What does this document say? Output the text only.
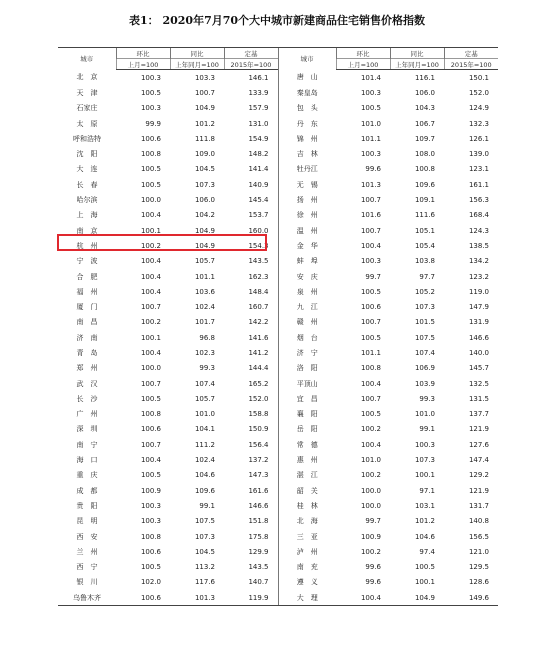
表1： 2020年7月70个大中城市新建商品住宅销售价格指数
城市	环比	同比	定基	城市	环比	同比	定基
	上月=100	上年同月=100	2015年=100		上月=100	上年同月=100	2015年=100
北　京	100.3	103.3	146.1	唐　山	101.4	116.1	150.1
天　津	100.5	100.7	133.9	秦皇岛	100.3	106.0	152.0
石家庄	100.3	104.9	157.9	包　头	100.5	104.3	124.9
太　原	99.9	101.2	131.0	丹　东	101.0	106.7	132.3
呼和浩特	100.6	111.8	154.9	锦　州	101.1	109.7	126.1
沈　阳	100.8	109.0	148.2	吉　林	100.3	108.0	139.0
大　连	100.5	104.5	141.4	牡丹江	99.6	100.8	123.1
长　春	100.5	107.3	140.9	无　锡	101.3	109.6	161.1
哈尔滨	100.0	106.0	145.4	扬　州	100.7	109.1	156.3
上　海	100.4	104.2	153.7	徐　州	101.6	111.6	168.4
南　京	100.1	104.9	160.0	温　州	100.7	105.1	124.3
杭　州	100.2	104.9	154.3	金　华	100.4	105.4	138.5
宁　波	100.4	105.7	143.5	蚌　埠	100.3	103.8	134.2
合　肥	100.4	101.1	162.3	安　庆	99.7	97.7	123.2
福　州	100.4	103.6	148.4	泉　州	100.5	105.2	119.0
厦　门	100.7	102.4	160.7	九　江	100.6	107.3	147.9
南　昌	100.2	101.7	142.2	赣　州	100.7	101.5	131.9
济　南	100.1	96.8	141.6	烟　台	100.5	107.5	146.6
青　岛	100.4	102.3	141.2	济　宁	101.1	107.4	140.0
郑　州	100.0	99.3	144.4	洛　阳	100.8	106.9	145.7
武　汉	100.7	107.4	165.2	平顶山	100.4	103.9	132.5
长　沙	100.5	105.7	152.0	宜　昌	100.7	99.3	131.5
广　州	100.8	101.0	158.8	襄　阳	100.5	101.0	137.7
深　圳	100.6	104.1	150.9	岳　阳	100.2	99.1	121.9
南　宁	100.7	111.2	156.4	常　德	100.4	100.3	127.6
海　口	100.4	102.4	137.2	惠　州	101.0	107.3	147.4
重　庆	100.5	104.6	147.3	湛　江	100.2	100.1	129.2
成　都	100.9	109.6	161.6	韶　关	100.0	97.1	121.9
贵　阳	100.3	99.1	146.6	桂　林	100.0	103.1	131.7
昆　明	100.3	107.5	151.8	北　海	99.7	101.2	140.8
西　安	100.8	107.3	175.8	三　亚	100.9	104.6	156.5
兰　州	100.6	104.5	129.9	泸　州	100.2	97.4	121.0
西　宁	100.5	113.2	143.5	南　充	99.6	100.5	129.5
银　川	102.0	117.6	140.7	遵　义	99.6	100.1	128.6
乌鲁木齐	100.6	101.3	119.9	大　理	100.4	104.9	149.6
